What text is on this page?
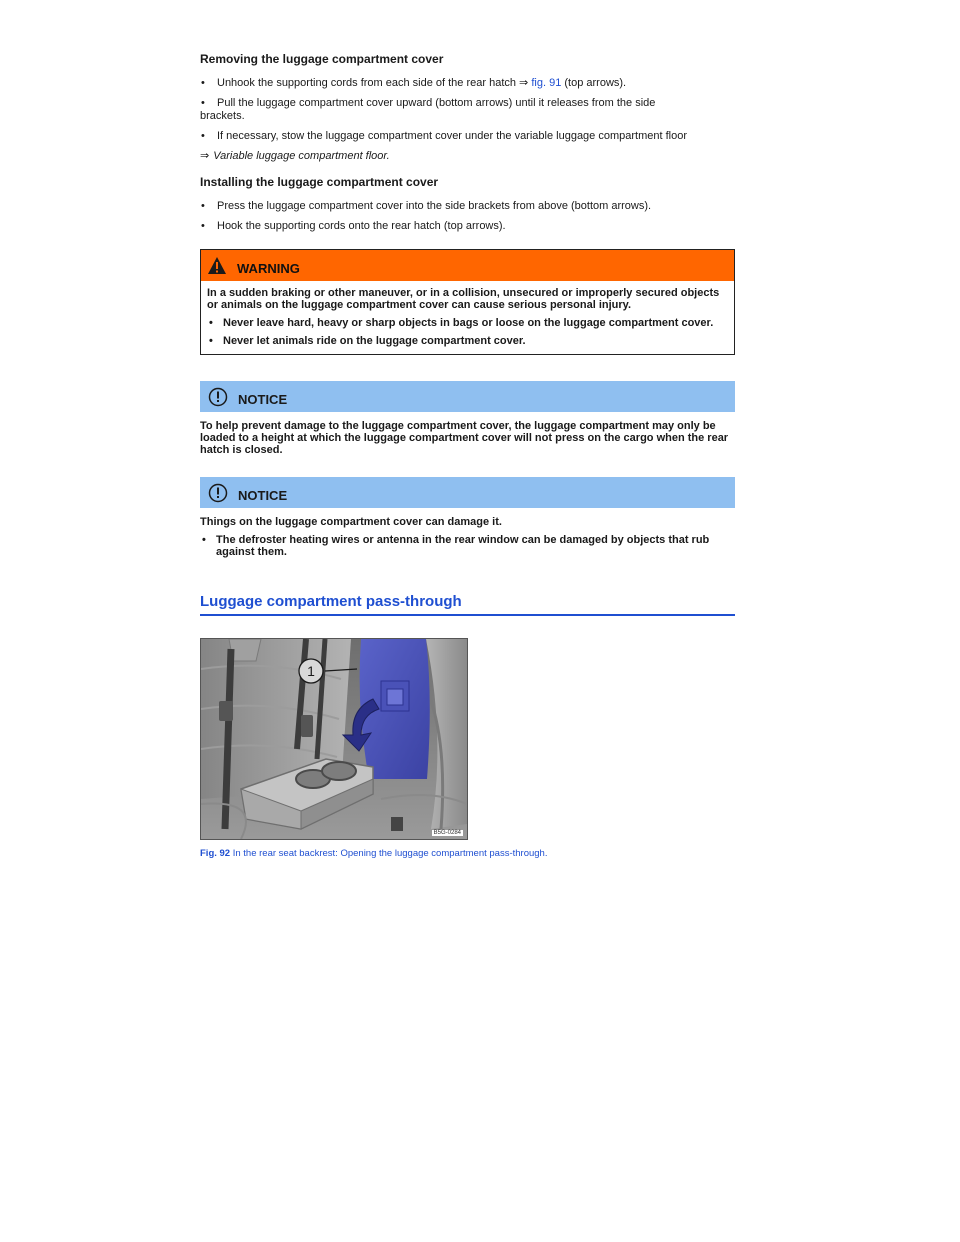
Removing the luggage compartment cover
• Unhook the supporting cords from each side of the rear hatch ⇒ fig. 91 (top arrows).
• Pull the luggage compartment cover upward (bottom arrows) until it releases from the side
brackets.
• If necessary, stow the luggage compartment cover under the variable luggage compartment floor
⇒ Variable luggage compartment floor.
Installing the luggage compartment cover
• Press the luggage compartment cover into the side brackets from above (bottom arrows).
• Hook the supporting cords onto the rear hatch (top arrows).
WARNING

In a sudden braking or other maneuver, or in a collision, unsecured or improperly secured objects or animals on the luggage compartment cover can cause serious personal injury.

• Never leave hard, heavy or sharp objects in bags or loose on the luggage compartment cover.
• Never let animals ride on the luggage compartment cover.
NOTICE

To help prevent damage to the luggage compartment cover, the luggage compartment may only be loaded to a height at which the luggage compartment cover will not press on the cargo when the rear hatch is closed.

NOTICE

Things on the luggage compartment cover can damage it.

• The defroster heating wires or antenna in the rear window can be damaged by objects that rub against them.
Luggage compartment pass-through
1
B5G-0284
Fig. 92 In the rear seat backrest: Opening the luggage compartment pass-through.
